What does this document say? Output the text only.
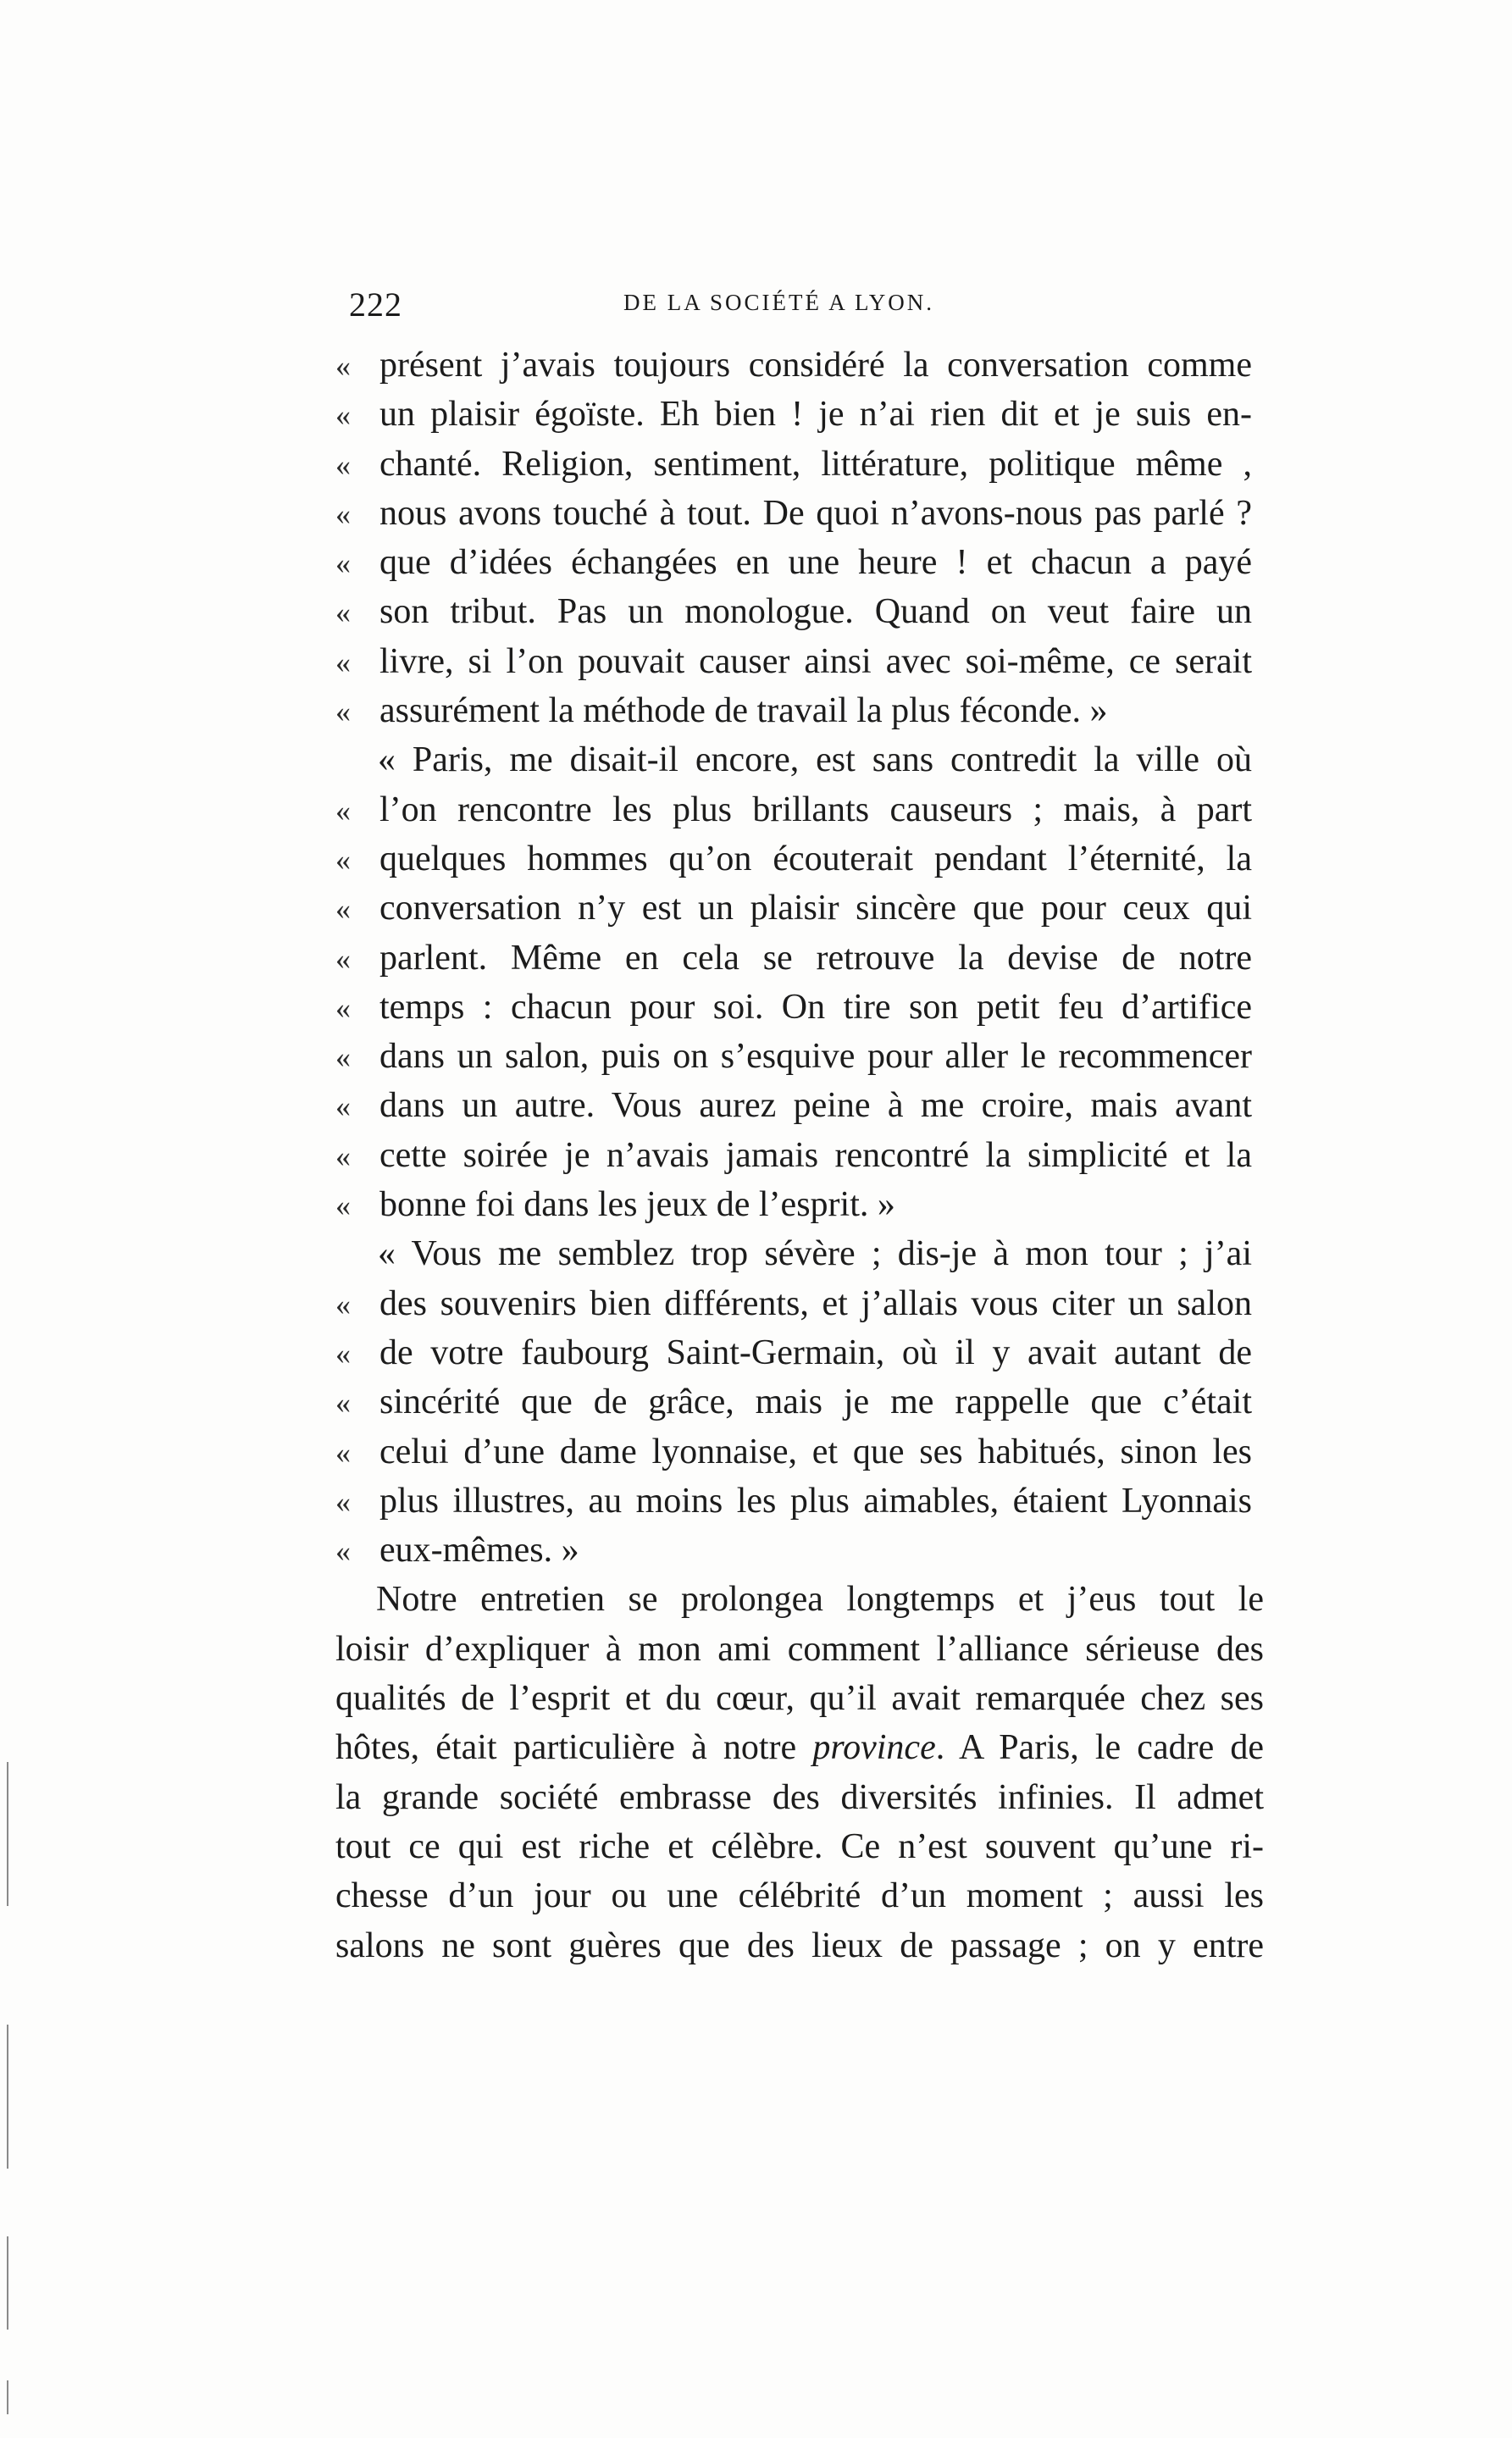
222	DE LA SOCIÉTÉ A LYON.
« présent j’avais toujours considéré la conversation comme
« un plaisir égoïste. Eh bien ! je n’ai rien dit et je suis en-
« chanté. Religion, sentiment, littérature, politique même ,
« nous avons touché à tout. De quoi n’avons-nous pas parlé ?
« que d’idées échangées en une heure ! et chacun a payé
« son tribut. Pas un monologue. Quand on veut faire un
« livre, si l’on pouvait causer ainsi avec soi-même, ce serait
« assurément la méthode de travail la plus féconde. »
« Paris, me disait-il encore, est sans contredit la ville où
« l’on rencontre les plus brillants causeurs ; mais, à part
« quelques hommes qu’on écouterait pendant l’éternité, la
« conversation n’y est un plaisir sincère que pour ceux qui
« parlent. Même en cela se retrouve la devise de notre
« temps : chacun pour soi. On tire son petit feu d’artifice
« dans un salon, puis on s’esquive pour aller le recommencer
« dans un autre. Vous aurez peine à me croire, mais avant
« cette soirée je n’avais jamais rencontré la simplicité et la
« bonne foi dans les jeux de l’esprit. »
« Vous me semblez trop sévère ; dis-je à mon tour ; j’ai
« des souvenirs bien différents, et j’allais vous citer un salon
« de votre faubourg Saint-Germain, où il y avait autant de
« sincérité que de grâce, mais je me rappelle que c’était
« celui d’une dame lyonnaise, et que ses habitués, sinon les
« plus illustres, au moins les plus aimables, étaient Lyonnais
« eux-mêmes. »
Notre entretien se prolongea longtemps et j’eus tout le
loisir d’expliquer à mon ami comment l’alliance sérieuse des
qualités de l’esprit et du cœur, qu’il avait remarquée chez ses
hôtes, était particulière à notre province. A Paris, le cadre de
la grande société embrasse des diversités infinies. Il admet
tout ce qui est riche et célèbre. Ce n’est souvent qu’une ri-
chesse d’un jour ou une célébrité d’un moment ; aussi les
salons ne sont guères que des lieux de passage ; on y entre
